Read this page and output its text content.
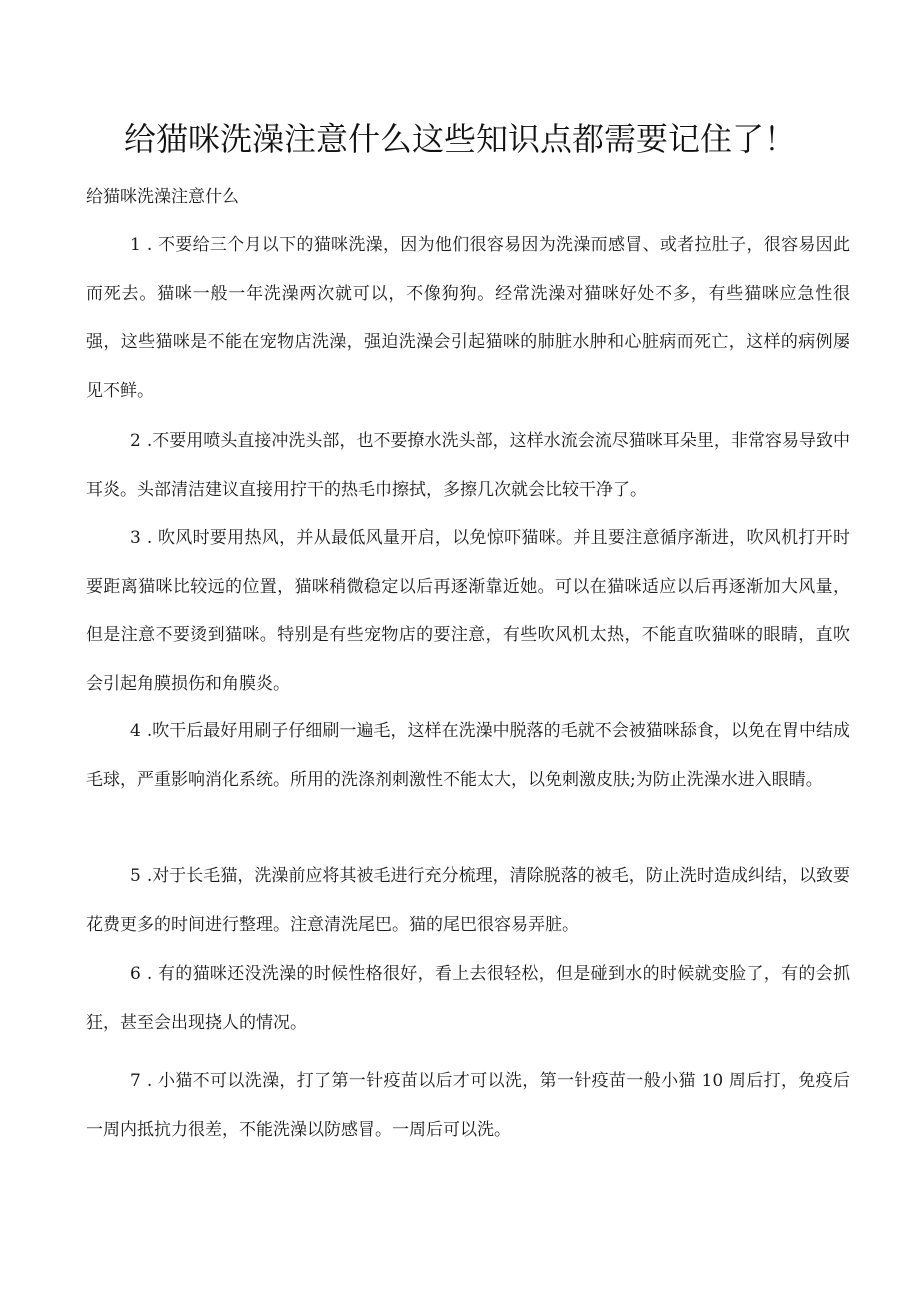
给猫咪洗澡注意什么这些知识点都需要记住了！
给猫咪洗澡注意什么
1 . 不要给三个月以下的猫咪洗澡，因为他们很容易因为洗澡而感冒、或者拉肚子，很容易因此而死去。猫咪一般一年洗澡两次就可以，不像狗狗。经常洗澡对猫咪好处不多，有些猫咪应急性很强，这些猫咪是不能在宠物店洗澡，强迫洗澡会引起猫咪的肺脏水肿和心脏病而死亡，这样的病例屡见不鲜。
2 .不要用喷头直接冲洗头部，也不要撩水洗头部，这样水流会流尽猫咪耳朵里，非常容易导致中耳炎。头部清洁建议直接用拧干的热毛巾擦拭，多擦几次就会比较干净了。
3 . 吹风时要用热风，并从最低风量开启，以免惊吓猫咪。并且要注意循序渐进，吹风机打开时要距离猫咪比较远的位置，猫咪稍微稳定以后再逐渐靠近她。可以在猫咪适应以后再逐渐加大风量，但是注意不要烫到猫咪。特别是有些宠物店的要注意，有些吹风机太热，不能直吹猫咪的眼睛，直吹会引起角膜损伤和角膜炎。
4 .吹干后最好用刷子仔细刷一遍毛，这样在洗澡中脱落的毛就不会被猫咪舔食，以免在胃中结成毛球，严重影响消化系统。所用的洗涤剂刺激性不能太大，以免刺激皮肤;为防止洗澡水进入眼睛。
5 .对于长毛猫，洗澡前应将其被毛进行充分梳理，清除脱落的被毛，防止洗时造成纠结，以致要花费更多的时间进行整理。注意清洗尾巴。猫的尾巴很容易弄脏。
6 . 有的猫咪还没洗澡的时候性格很好，看上去很轻松，但是碰到水的时候就变脸了，有的会抓狂，甚至会出现挠人的情况。
7 . 小猫不可以洗澡，打了第一针疫苗以后才可以洗，第一针疫苗一般小猫 10 周后打，免疫后一周内抵抗力很差，不能洗澡以防感冒。一周后可以洗。
